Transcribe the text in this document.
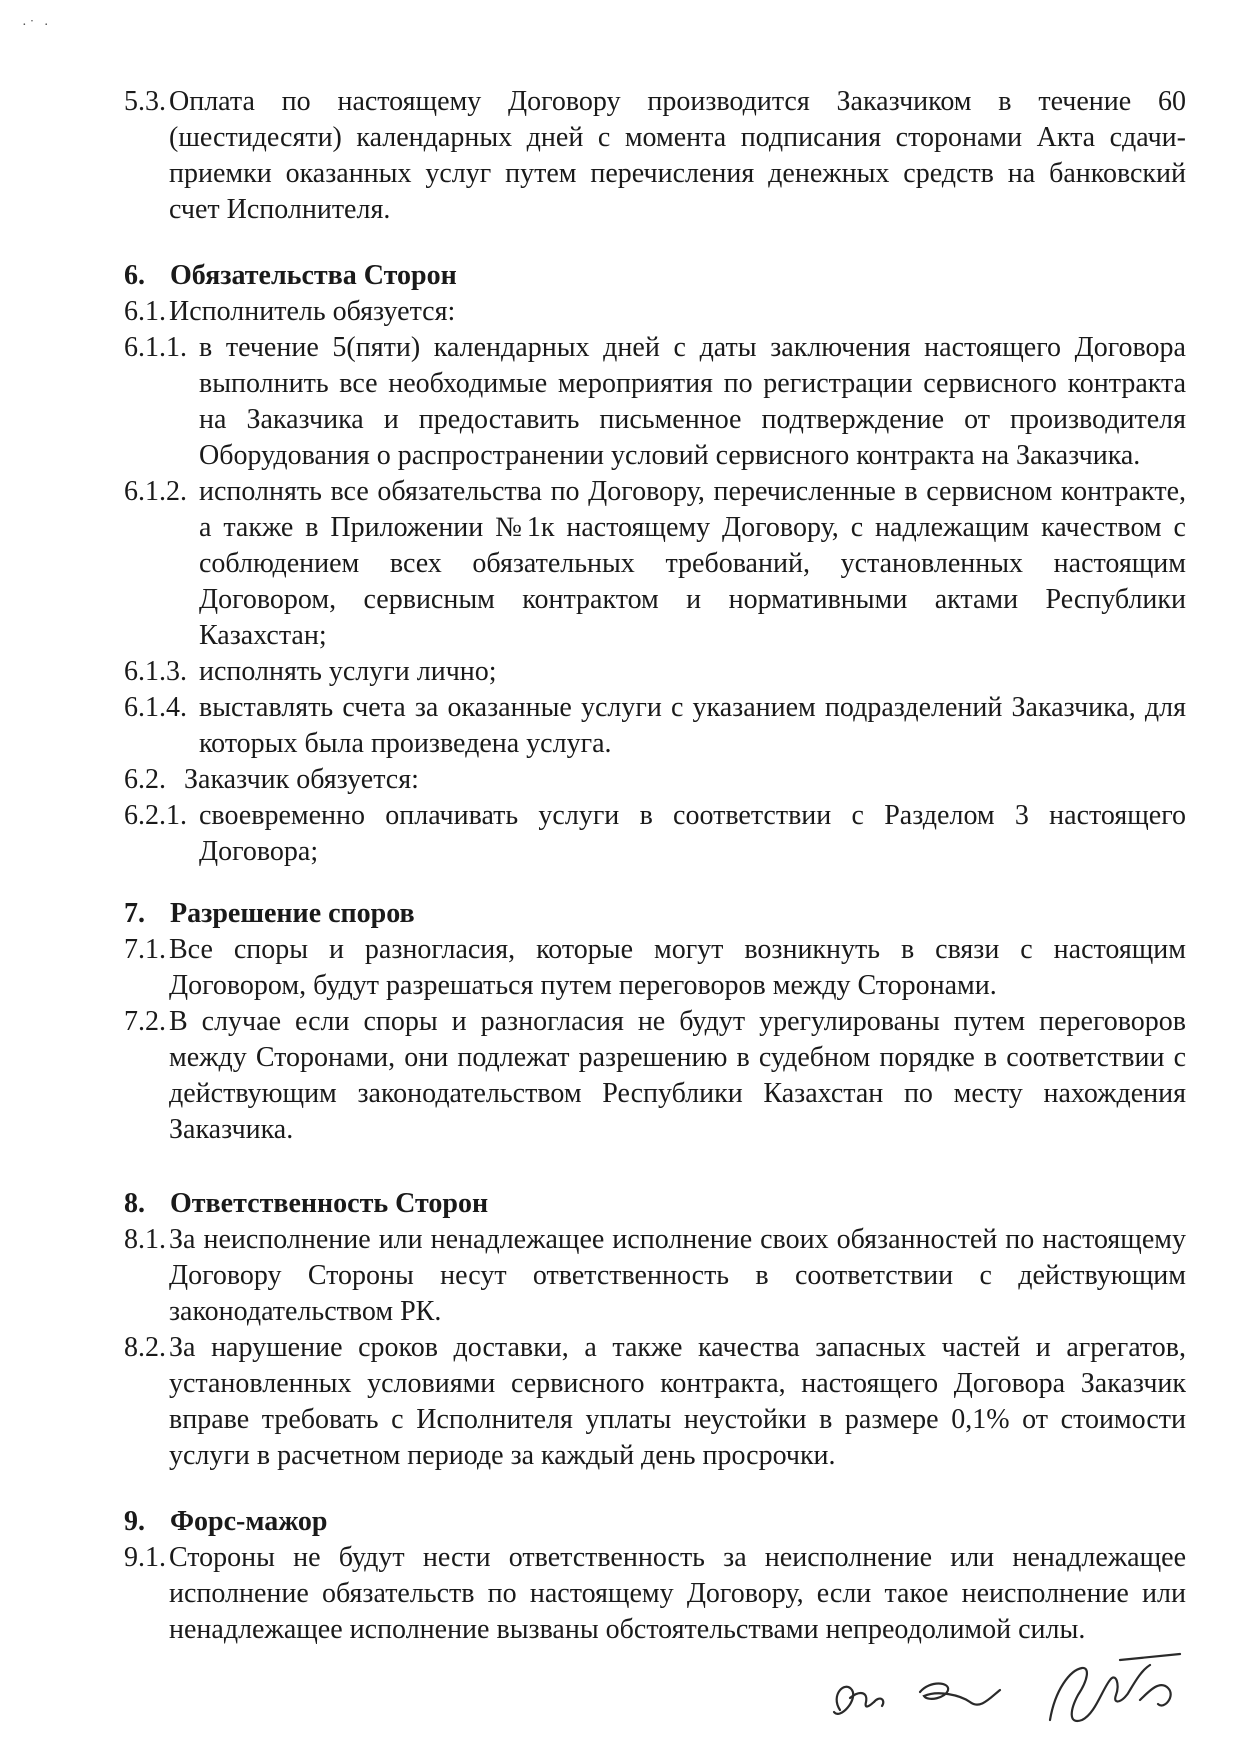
·˙ ·
5.3. Оплата по настоящему Договору производится Заказчиком в течение 60 (шестидесяти) календарных дней с момента подписания сторонами Акта сдачи-приемки оказанных услуг путем перечисления денежных средств на банковский счет Исполнителя.
6. Обязательства Сторон
6.1. Исполнитель обязуется:
6.1.1. в течение 5(пяти) календарных дней с даты заключения настоящего Договора выполнить все необходимые мероприятия по регистрации сервисного контракта на Заказчика и предоставить письменное подтверждение от производителя Оборудования о распространении условий сервисного контракта на Заказчика.
6.1.2. исполнять все обязательства по Договору, перечисленные в сервисном контракте, а также в Приложении №1к настоящему Договору, с надлежащим качеством с соблюдением всех обязательных требований, установленных настоящим Договором, сервисным контрактом и нормативными актами Республики Казахстан;
6.1.3. исполнять услуги лично;
6.1.4. выставлять счета за оказанные услуги с указанием подразделений Заказчика, для которых была произведена услуга.
6.2. Заказчик обязуется:
6.2.1. своевременно оплачивать услуги в соответствии с Разделом 3 настоящего Договора;
7. Разрешение споров
7.1. Все споры и разногласия, которые могут возникнуть в связи с настоящим Договором, будут разрешаться путем переговоров между Сторонами.
7.2. В случае если споры и разногласия не будут урегулированы путем переговоров между Сторонами, они подлежат разрешению в судебном порядке в соответствии с действующим законодательством Республики Казахстан по месту нахождения Заказчика.
8. Ответственность Сторон
8.1. За неисполнение или ненадлежащее исполнение своих обязанностей по настоящему Договору Стороны несут ответственность в соответствии с действующим законодательством РК.
8.2. За нарушение сроков доставки, а также качества запасных частей и агрегатов, установленных условиями сервисного контракта, настоящего Договора Заказчик вправе требовать с Исполнителя уплаты неустойки в размере 0,1% от стоимости услуги в расчетном периоде за каждый день просрочки.
9. Форс-мажор
9.1. Стороны не будут нести ответственность за неисполнение или ненадлежащее исполнение обязательств по настоящему Договору, если такое неисполнение или ненадлежащее исполнение вызваны обстоятельствами непреодолимой силы.
